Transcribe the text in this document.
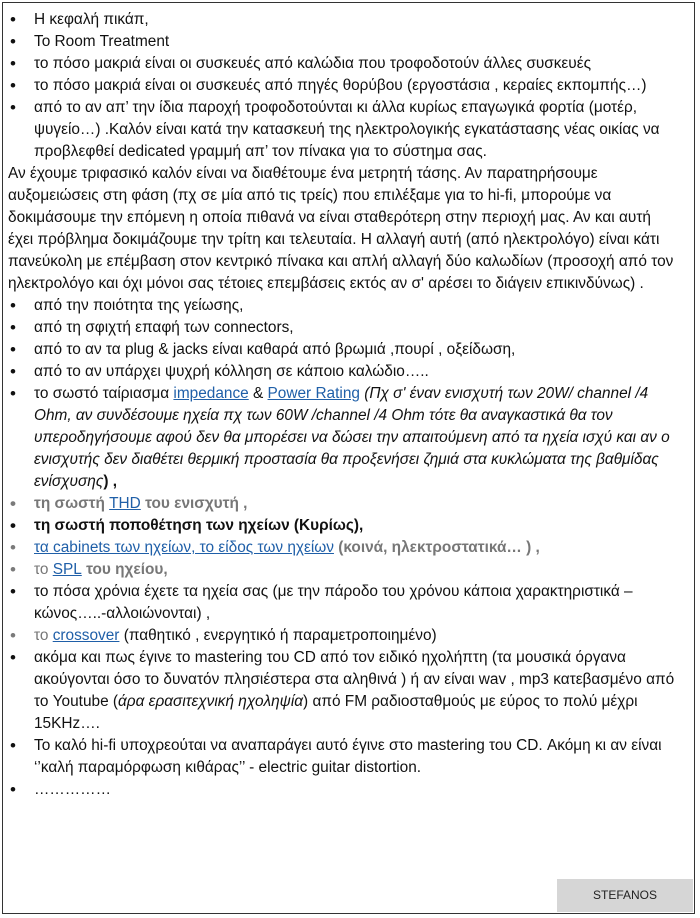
• Η κεφαλή πικάπ,
• Το Room Treatment
• το πόσο μακριά είναι οι συσκευές από καλώδια που τροφοδοτούν άλλες συσκευές
• το πόσο μακριά είναι οι συσκευές από πηγές θορύβου (εργοστάσια , κεραίες εκπομπής…)
• από το αν απ’ την ίδια παροχή τροφοδοτούνται κι άλλα κυρίως επαγωγικά φορτία (μοτέρ, ψυγείο…) .Καλόν είναι κατά την κατασκευή της ηλεκτρολογικής εγκατάστασης νέας οικίας να προβλεφθεί dedicated γραμμή απ’ τον πίνακα για το σύστημα σας.

Αν έχουμε τριφασικό καλόν είναι να διαθέτουμε ένα μετρητή τάσης. Αν παρατηρήσουμε αυξομειώσεις στη φάση (πχ σε μία από τις τρείς) που επιλέξαμε για το hi-fi, μπορούμε να δοκιμάσουμε την επόμενη η οποία πιθανά να είναι σταθερότερη στην περιοχή μας. Αν και αυτή έχει πρόβλημα δοκιμάζουμε την τρίτη και τελευταία. Η αλλαγή αυτή (από ηλεκτρολόγο) είναι κάτι πανεύκολη με επέμβαση στον κεντρικό πίνακα και απλή αλλαγή δύο καλωδίων (προσοχή από τον ηλεκτρολόγο και όχι μόνοι σας τέτοιες επεμβάσεις εκτός αν σ' αρέσει το διάγειν επικινδύνως) .

• από την ποιότητα της γείωσης,
• από τη σφιχτή επαφή των connectors,
• από το αν τα plug & jacks είναι καθαρά από βρωμιά ,πουρί , οξείδωση,
• από το αν υπάρχει ψυχρή κόλληση σε κάποιο καλώδιο…..
• το σωστό ταίριασμα impedance & Power Rating (Πχ σ' έναν ενισχυτή των 20W/ channel /4 Ohm, αν συνδέσουμε ηχεία πχ των 60W /channel /4 Ohm τότε θα αναγκαστικά θα τον υπεροδηγήσουμε αφού δεν θα μπορέσει να δώσει την απαιτούμενη από τα ηχεία ισχύ και αν ο ενισχυτής δεν διαθέτει θερμική προστασία θα προξενήσει ζημιά στα κυκλώματα της βαθμίδας ενίσχυσης) ,
• τη σωστή THD του ενισχυτή ,
• τη σωστή ποποθέτηση των ηχείων (Κυρίως),
• τα cabinets των ηχείων, το είδος των ηχείων (κοινά, ηλεκτροστατικά… ) ,
• το SPL του ηχείου,
• το πόσα χρόνια έχετε τα ηχεία σας (με την πάροδο του χρόνου κάποια χαρακτηριστικά – κώνος…..-αλλοιώνονται) ,
• το crossover (παθητικό , ενεργητικό ή παραμετροποιημένο)
• ακόμα και πως έγινε το mastering του CD από τον ειδικό ηχολήπτη (τα μουσικά όργανα ακούγονται όσο το δυνατόν πλησιέστερα στα αληθινά ) ή αν είναι wav , mp3 κατεβασμένο από το Youtube (άρα ερασιτεχνική ηχοληψία) από FM ραδιοσταθμούς με εύρος το πολύ μέχρι 15KHz….
• Το καλό hi-fi υποχρεούται να αναπαράγει αυτό έγινε στο mastering του CD. Ακόμη κι αν είναι ‘’καλή παραμόρφωση κιθάρας’’ - electric guitar distortion.
• ……………
STEFANOS
